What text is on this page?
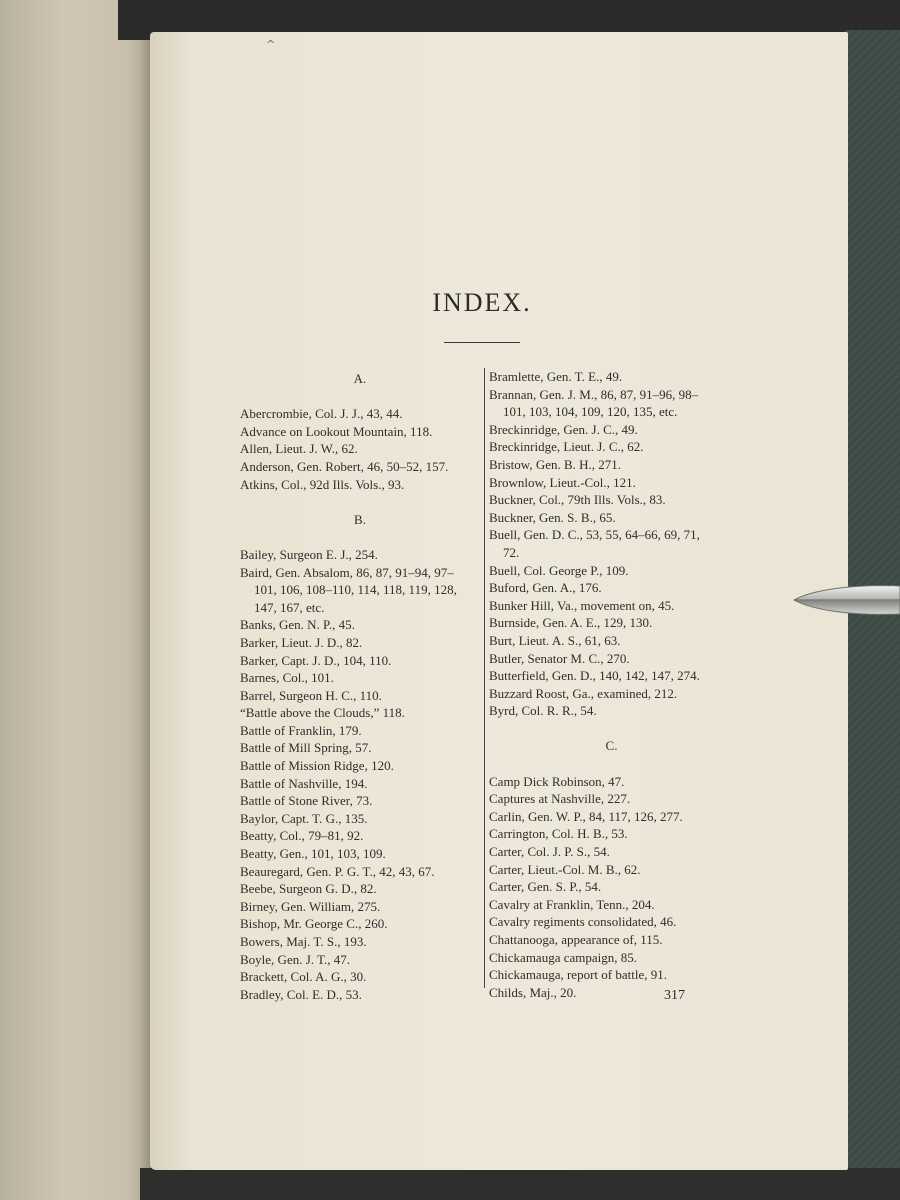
^
INDEX.

A.

Abercrombie, Col. J. J., 43, 44.

Advance on Lookout Mountain, 118.

Allen, Lieut. J. W., 62.

Anderson, Gen. Robert, 46, 50–52, 157.

Atkins, Col., 92d Ills. Vols., 93.

B.

Bailey, Surgeon E. J., 254.

Baird, Gen. Absalom, 86, 87, 91–94, 97–
101, 106, 108–110, 114, 118, 119, 128,
147, 167, etc.

Banks, Gen. N. P., 45.

Barker, Lieut. J. D., 82.

Barker, Capt. J. D., 104, 110.

Barnes, Col., 101.

Barrel, Surgeon H. C., 110.

“Battle above the Clouds,” 118.

Battle of Franklin, 179.

Battle of Mill Spring, 57.

Battle of Mission Ridge, 120.

Battle of Nashville, 194.

Battle of Stone River, 73.

Baylor, Capt. T. G., 135.

Beatty, Col., 79–81, 92.

Beatty, Gen., 101, 103, 109.

Beauregard, Gen. P. G. T., 42, 43, 67.

Beebe, Surgeon G. D., 82.

Birney, Gen. William, 275.

Bishop, Mr. George C., 260.

Bowers, Maj. T. S., 193.

Boyle, Gen. J. T., 47.

Brackett, Col. A. G., 30.

Bradley, Col. E. D., 53.

Bramlette, Gen. T. E., 49.

Brannan, Gen. J. M., 86, 87, 91–96, 98–
101, 103, 104, 109, 120, 135, etc.

Breckinridge, Gen. J. C., 49.

Breckinridge, Lieut. J. C., 62.

Bristow, Gen. B. H., 271.

Brownlow, Lieut.-Col., 121.

Buckner, Col., 79th Ills. Vols., 83.

Buckner, Gen. S. B., 65.

Buell, Gen. D. C., 53, 55, 64–66, 69, 71,
72.

Buell, Col. George P., 109.

Buford, Gen. A., 176.

Bunker Hill, Va., movement on, 45.

Burnside, Gen. A. E., 129, 130.

Burt, Lieut. A. S., 61, 63.

Butler, Senator M. C., 270.

Butterfield, Gen. D., 140, 142, 147, 274.

Buzzard Roost, Ga., examined, 212.

Byrd, Col. R. R., 54.

C.

Camp Dick Robinson, 47.

Captures at Nashville, 227.

Carlin, Gen. W. P., 84, 117, 126, 277.

Carrington, Col. H. B., 53.

Carter, Col. J. P. S., 54.

Carter, Lieut.-Col. M. B., 62.

Carter, Gen. S. P., 54.

Cavalry at Franklin, Tenn., 204.

Cavalry regiments consolidated, 46.

Chattanooga, appearance of, 115.

Chickamauga campaign, 85.

Chickamauga, report of battle, 91.

Childs, Maj., 20.	317
